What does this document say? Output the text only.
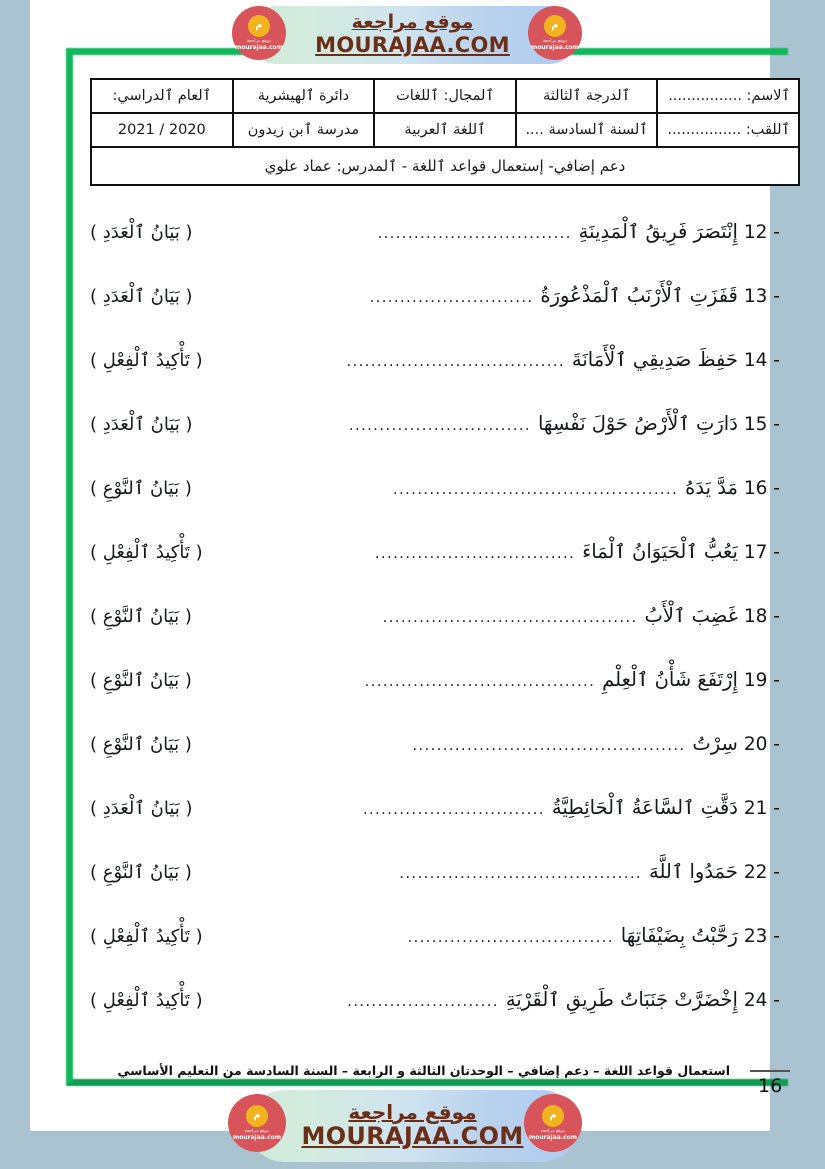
ٱلاسم: ................	ٱلدرجة ٱلثالثة	ٱلمجال: ٱللغات	دائرة ٱلهيشرية	ٱلعام ٱلدراسي:
ٱللقب: ................	ٱلسنة ٱلسادسة ....	ٱللغة ٱلعربية	مدرسة ٱبن زيدون	2020 / 2021
دعم إضافي- إستعمال قواعد ٱللغة - ٱلمدرس: عماد علوي				
12 -
إِنْتَصَرَ فَرِيقُ ٱلْمَدِينَةِ
................................
( بَيَانُ ٱلْعَدَدِ )
13 -
قَفَزَتِ ٱلْأَرْنَبُ ٱلْمَذْعُورَةُ
...........................
( بَيَانُ ٱلْعَدَدِ )
14 -
حَفِظَ صَدِيقِي ٱلْأَمَانَةَ
....................................
( تَأْكِيدُ ٱلْفِعْلِ )
15 -
دَارَتِ ٱلْأَرْضُ حَوْلَ نَفْسِهَا
..............................
( بَيَانُ ٱلْعَدَدِ )
16 -
مَدَّ يَدَهُ
...............................................
( بَيَانُ ٱلنَّوْعِ )
17 -
يَعُبُّ ٱلْحَيَوَانُ ٱلْمَاءَ
.................................
( تَأْكِيدُ ٱلْفِعْلِ )
18 -
غَضِبَ ٱلْأَبُ
..........................................
( بَيَانُ ٱلنَّوْعِ )
19 -
إِرْتَفَعَ شَأْنُ ٱلْعِلْمِ
......................................
( بَيَانُ ٱلنَّوْعِ )
20 -
سِرْتُ
.............................................
( بَيَانُ ٱلنَّوْعِ )
21 -
دَقَّتِ ٱلسَّاعَةُ ٱلْحَائِطِيَّةُ
..............................
( بَيَانُ ٱلْعَدَدِ )
22 -
حَمَدُوا ٱللَّهَ
........................................
( بَيَانُ ٱلنَّوْعِ )
23 -
رَحَّبْتُ بِضَيْفَاتِهَا
..................................
( تَأْكِيدُ ٱلْفِعْلِ )
24 -
إِخْضَرَّتْ جَنَبَاتُ طَرِيقِ ٱلْقَرْيَةِ
.........................
( تَأْكِيدُ ٱلْفِعْلِ )
استعمال قواعد اللغة – دعم إضافي – الوحدتان الثالثة و الرابعة – السنة السادسة من التعليم الأساسي
16
موقع مراجعة
MOURAJAA.COM
م
موقع مراجعة
mourajaa.com
م
موقع مراجعة
mourajaa.com
موقع مراجعة
MOURAJAA.COM
م
موقع مراجعة
mourajaa.com
م
موقع مراجعة
mourajaa.com
